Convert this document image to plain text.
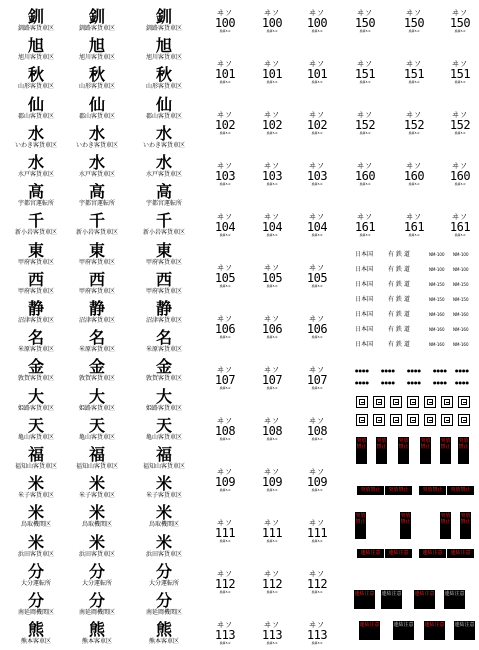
釧
釧路客貨車区
釧
釧路客貨車区
釧
釧路客貨車区
旭
旭川客貨車区
旭
旭川客貨車区
旭
旭川客貨車区
秋
山形客貨車区
秋
山形客貨車区
秋
山形客貨車区
仙
郡山客貨車区
仙
郡山客貨車区
仙
郡山客貨車区
水
いわき客貨車区
水
いわき客貨車区
水
いわき客貨車区
水
水戸客貨車区
水
水戸客貨車区
水
水戸客貨車区
高
宇都宮運転所
高
宇都宮運転所
高
宇都宮運転所
千
新小岩客貨車区
千
新小岩客貨車区
千
新小岩客貨車区
東
甲府客貨車区
東
甲府客貨車区
東
甲府客貨車区
西
甲府客貨車区
西
甲府客貨車区
西
甲府客貨車区
静
沼津客貨車区
静
沼津客貨車区
静
沼津客貨車区
名
米原客貨車区
名
米原客貨車区
名
米原客貨車区
金
敦賀客貨車区
金
敦賀客貨車区
金
敦賀客貨車区
大
姫路客貨車区
大
姫路客貨車区
大
姫路客貨車区
天
亀山客貨車区
天
亀山客貨車区
天
亀山客貨車区
福
福知山客貨車区
福
福知山客貨車区
福
福知山客貨車区
米
米子客貨車区
米
米子客貨車区
米
米子客貨車区
米
鳥取機関区
米
鳥取機関区
米
鳥取機関区
米
浜田客貨車区
米
浜田客貨車区
米
浜田客貨車区
分
大分運転所
分
大分運転所
分
大分運転所
分
南延岡機関区
分
南延岡機関区
分
南延岡機関区
熊
熊本客車区
熊
熊本客車区
熊
熊本客車区
ヰソ
100
換算5.0
ヰソ
100
換算5.0
ヰソ
100
換算5.0
ヰソ
101
換算5.0
ヰソ
101
換算5.0
ヰソ
101
換算5.0
ヰソ
102
換算5.0
ヰソ
102
換算5.0
ヰソ
102
換算5.0
ヰソ
103
換算5.0
ヰソ
103
換算5.0
ヰソ
103
換算5.0
ヰソ
104
換算5.0
ヰソ
104
換算5.0
ヰソ
104
換算5.0
ヰソ
105
換算5.0
ヰソ
105
換算5.0
ヰソ
105
換算5.0
ヰソ
106
換算5.0
ヰソ
106
換算5.0
ヰソ
106
換算5.0
ヰソ
107
換算5.0
ヰソ
107
換算5.0
ヰソ
107
換算5.0
ヰソ
108
換算5.0
ヰソ
108
換算5.0
ヰソ
108
換算5.0
ヰソ
109
換算5.0
ヰソ
109
換算5.0
ヰソ
109
換算5.0
ヰソ
111
換算5.0
ヰソ
111
換算5.0
ヰソ
111
換算5.0
ヰソ
112
換算5.0
ヰソ
112
換算5.0
ヰソ
112
換算5.0
ヰソ
113
換算5.0
ヰソ
113
換算5.0
ヰソ
113
換算5.0
ヰソ
150
換算5.0
ヰソ
150
換算5.0
ヰソ
150
換算5.0
ヰソ
151
換算5.0
ヰソ
151
換算5.0
ヰソ
151
換算5.0
ヰソ
152
換算5.0
ヰソ
152
換算5.0
ヰソ
152
換算5.0
ヰソ
160
換算5.0
ヰソ
160
換算5.0
ヰソ
160
換算5.0
ヰソ
161
換算5.0
ヰソ
161
換算5.0
ヰソ
161
換算5.0
日本国 有 鉄 道	NM-100 NM-100
日本国 有 鉄 道	NM-100 NM-100
日本国 有 鉄 道	NM-150 NM-150
日本国 有 鉄 道	NM-150 NM-150
日本国 有 鉄 道	NM-160 NM-160
日本国 有 鉄 道	NM-160 NM-160
日本国 有 鉄 道	NM-160 NM-160
●●●●	●●●●	●●●●	●●●● ●●●●
●●●●	●●●●	●●●●	●●●● ●●●●
突放禁止
突放禁止
突放禁止
突放禁止
突放禁止
突放禁止
突放禁止	突放禁止	突放禁止	突放禁止
突放禁止
突放禁止
突放禁止
突放禁止
連結注意	連結注意	連結注意	連結注意
連結注意 連結注意	連結注意 連結注意
連結注意	連結注意 連結注意 連結注意
